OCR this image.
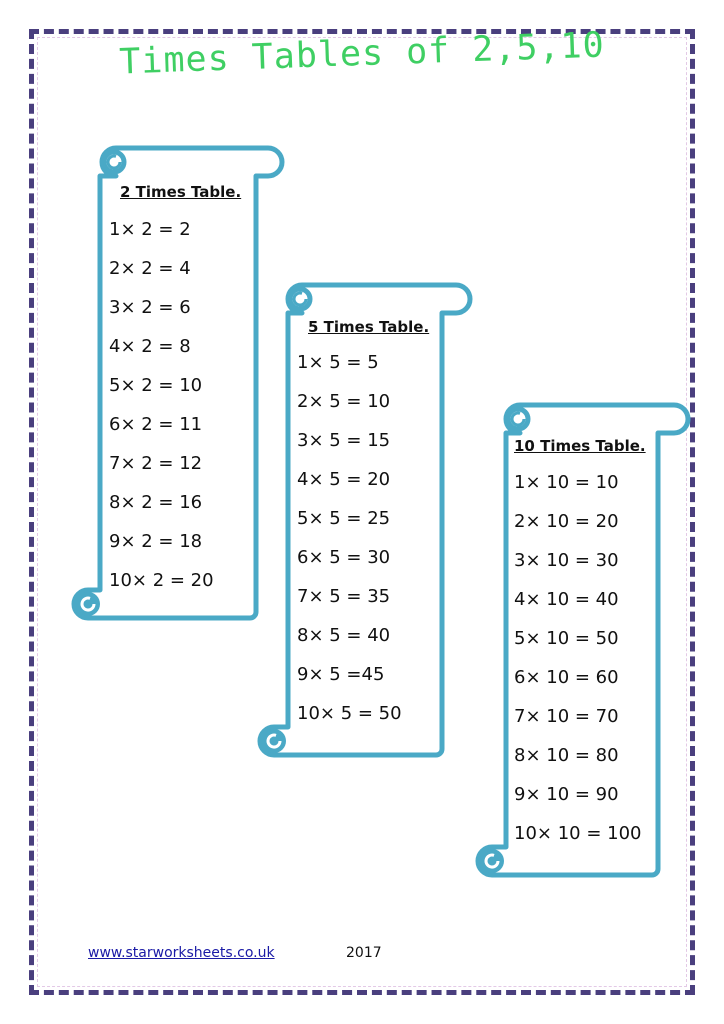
Times Tables of 2,5,10
2 Times Table.
1× 2 = 2
2× 2 = 4
3× 2 = 6
4× 2 = 8
5× 2 = 10
6× 2 = 11
7× 2 = 12
8× 2 = 16
9× 2 = 18
10× 2 = 20
5 Times Table.
1× 5 = 5
2× 5 = 10
3× 5 = 15
4× 5 = 20
5× 5 = 25
6× 5 = 30
7× 5 = 35
8× 5 = 40
9× 5 =45
10× 5 = 50
10 Times Table.
1× 10 = 10
2× 10 = 20
3× 10 = 30
4× 10 = 40
5× 10 = 50
6× 10 = 60
7× 10 = 70
8× 10 = 80
9× 10 = 90
10× 10 = 100
www.starworksheets.co.uk	2017
